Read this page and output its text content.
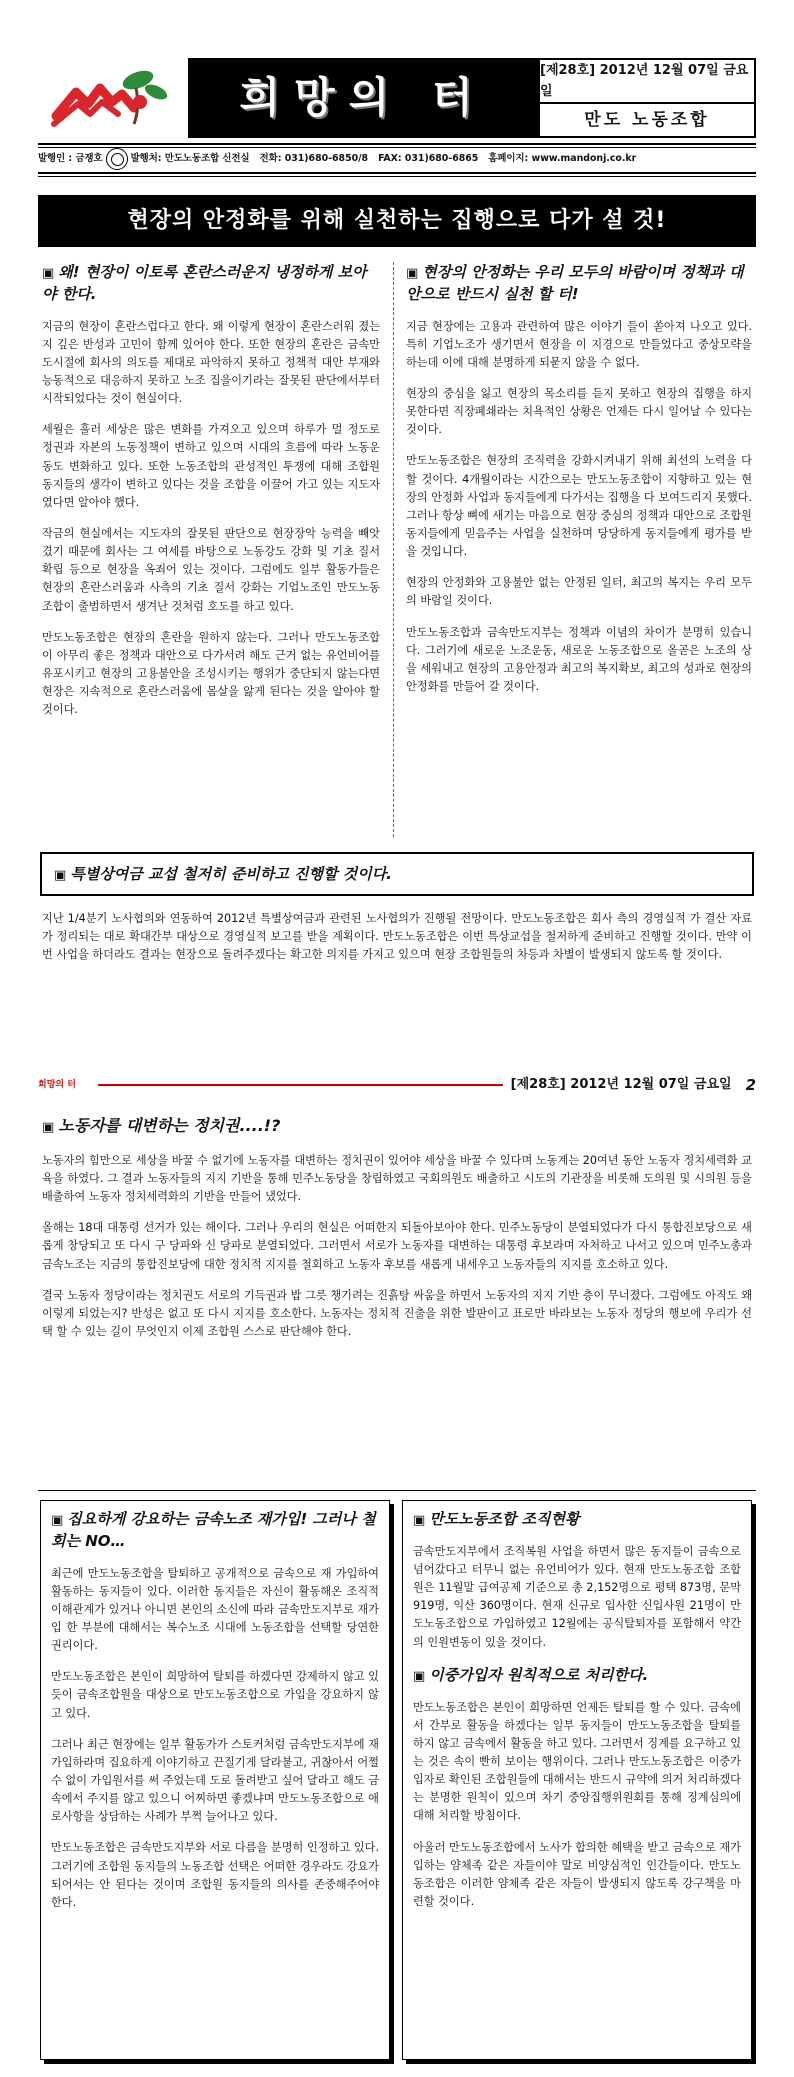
희망의 터
[제28호] 2012년 12월 07일 금요일
만도 노동조합
발행인 : 금쟁호	발행처: 만도노동조합 신전실 전화: 031)680-6850/8 FAX: 031)680-6865 홈페이지: www.mandonj.co.kr
현장의 안정화를 위해 실천하는 집행으로 다가 설 것!
▣ 왜! 현장이 이토록 혼란스러운지 냉정하게 보아야 한다.

지금의 현장이 혼란스럽다고 한다. 왜 이렇게 현장이 혼란스러워 졌는지 깊은 반성과 고민이 함께 있어야 한다. 또한 현장의 혼란은 금속만도시절에 회사의 의도를 제대로 파악하지 못하고 정책적 대안 부재와 능동적으로 대응하지 못하고 노조 집을이기라는 잘못된 판단에서부터 시작되었다는 것이 현실이다.

세월은 흘러 세상은 많은 변화를 가져오고 있으며 하루가 멀 정도로 정권과 자본의 노동정책이 변하고 있으며 시대의 흐름에 따라 노동운동도 변화하고 있다. 또한 노동조합의 관성적인 투쟁에 대해 조합원 동지들의 생각이 변하고 있다는 것을 조합을 이끌어 가고 있는 지도자였다면 알아야 했다.

작금의 현실에서는 지도자의 잘못된 판단으로 현장장악 능력을 빼앗겼기 때문에 회사는 그 여세를 바탕으로 노동강도 강화 및 기초 질서 확립 등으로 현장을 옥죄어 있는 것이다. 그럼에도 일부 활동가들은 현장의 혼란스러움과 사측의 기초 질서 강화는 기업노조인 만도노동조합이 출범하면서 생겨난 것처럼 호도를 하고 있다.

만도노동조합은 현장의 혼란을 원하지 않는다. 그러나 만도노동조합이 아무리 좋은 정책과 대안으로 다가서려 해도 근거 없는 유언비어를 유포시키고 현장의 고용불안을 조성시키는 행위가 중단되지 않는다면 현장은 지속적으로 혼란스러움에 몸살을 앓게 된다는 것을 알아야 할 것이다.

▣ 현장의 안정화는 우리 모두의 바람이며 정책과 대안으로 반드시 실천 할 터!

지금 현장에는 고용과 관련하여 많은 이야기 들이 쏟아져 나오고 있다. 특히 기업노조가 생기면서 현장을 이 지경으로 만들었다고 중상모략을 하는데 이에 대해 분명하게 되묻지 않을 수 없다.

현장의 중심을 잃고 현장의 목소리를 듣지 못하고 현장의 집행을 하지 못한다면 직장폐쇄라는 치욕적인 상황은 언제든 다시 일어날 수 있다는 것이다.

만도노동조합은 현장의 조직력을 강화시켜내기 위해 최선의 노력을 다 할 것이다. 4개월이라는 시간으로는 만도노동조합이 지향하고 있는 현장의 안정화 사업과 동지들에게 다가서는 집행을 다 보여드리지 못했다. 그러나 항상 뼈에 새기는 마음으로 현장 중심의 정책과 대안으로 조합원 동지들에게 믿음주는 사업을 실천하며 당당하게 동지들에게 평가를 받을 것입니다.

현장의 안정화와 고용불안 없는 안정된 일터, 최고의 복지는 우리 모두의 바람일 것이다.

만도노동조합과 금속만도지부는 정책과 이념의 차이가 분명히 있습니다. 그러기에 새로운 노조운동, 새로운 노동조합으로 올곧은 노조의 상을 세워내고 현장의 고용안정과 최고의 복지확보, 최고의 성과로 현장의 안정화를 만들어 갈 것이다.

▣ 특별상여금 교섭 철저히 준비하고 진행할 것이다.

지난 1/4분기 노사협의와 연동하여 2012년 특별상여금과 관련된 노사협의가 진행될 전망이다. 만도노동조합은 회사 측의 경영실적 가 결산 자료가 정리되는 대로 확대간부 대상으로 경영실적 보고를 받을 계획이다. 만도노동조합은 이번 특상교섭을 철저하게 준비하고 진행할 것이다. 만약 이번 사업을 하더라도 결과는 현장으로 돌려주겠다는 확고한 의지를 가지고 있으며 현장 조합원들의 차등과 차별이 발생되지 않도록 할 것이다.

희망의 터	[제28호] 2012년 12월 07일 금요일 2
▣ 노동자를 대변하는 정치권....!?

노동자의 힘만으로 세상을 바꿀 수 없기에 노동자를 대변하는 정치권이 있어야 세상을 바꿀 수 있다며 노동계는 20여년 동안 노동자 정치세력화 교육을 하였다. 그 결과 노동자들의 지지 기반을 통해 민주노동당을 창립하였고 국회의원도 배출하고 시도의 기관장을 비롯해 도의원 및 시의원 등을 배출하여 노동자 정치세력화의 기반을 만들어 냈었다.

올해는 18대 대통령 선거가 있는 해이다. 그러나 우리의 현실은 어떠한지 되돌아보아야 한다. 민주노동당이 분열되었다가 다시 통합진보당으로 새롭게 창당되고 또 다시 구 당파와 신 당파로 분열되었다. 그러면서 서로가 노동자를 대변하는 대통령 후보라며 자처하고 나서고 있으며 민주노총과 금속노조는 지금의 통합진보당에 대한 정치적 지지를 철회하고 노동자 후보를 새롭게 내세우고 노동자들의 지지를 호소하고 있다.

결국 노동자 정당이라는 정치권도 서로의 기득권과 밥 그릇 챙기려는 진흙탕 싸움을 하면서 노동자의 지지 기반 층이 무너졌다. 그럼에도 아직도 왜 이렇게 되었는지? 반성은 없고 또 다시 지지를 호소한다. 노동자는 정치적 진출을 위한 발판이고 표로만 바라보는 노동자 정당의 행보에 우리가 선택 할 수 있는 길이 무엇인지 이제 조합원 스스로 판단해야 한다.

▣ 집요하게 강요하는 금속노조 재가입! 그러나 철회는 NO…

최근에 만도노동조합을 탈퇴하고 공개적으로 금속으로 재 가입하여 활동하는 동지들이 있다. 이러한 동지들은 자신이 활동해온 조직적 이해관계가 있거나 아니면 본인의 소신에 따라 금속만도지부로 재가입 한 부분에 대해서는 복수노조 시대에 노동조합을 선택할 당연한 권리이다.

만도노동조합은 본인이 희망하여 탈퇴를 하겠다면 강제하지 않고 있듯이 금속조합원을 대상으로 만도노동조합으로 가입을 강요하지 않고 있다.

그러나 최근 현장에는 일부 활동가가 스토커처럼 금속만도지부에 재 가입하라며 집요하게 이야기하고 끈질기게 달라붙고, 귀찮아서 어쩔 수 없이 가입원서를 써 주었는데 도로 돌려받고 싶어 달라고 해도 금속에서 주지를 않고 있으니 어찌하면 좋겠냐며 만도노동조합으로 애로사항을 상담하는 사례가 부쩍 늘어나고 있다.

만도노동조합은 금속만도지부와 서로 다름을 분명히 인정하고 있다. 그러기에 조합원 동지들의 노동조합 선택은 어떠한 경우라도 강요가 되어서는 안 된다는 것이며 조합원 동지들의 의사를 존중해주어야 한다.

▣ 만도노동조합 조직현황

금속만도지부에서 조직복원 사업을 하면서 많은 동지들이 금속으로 넘어갔다고 터무니 없는 유언비어가 있다. 현재 만도노동조합 조합원은 11월말 급여공제 기준으로 총 2,152명으로 평택 873명, 문막 919명, 익산 360명이다. 현재 신규로 입사한 신입사원 21명이 만도노동조합으로 가입하였고 12월에는 공식탈퇴자를 포함해서 약간의 인원변동이 있을 것이다.

▣ 이중가입자 원칙적으로 처리한다.

만도노동조합은 본인이 희망하면 언제든 탈퇴를 할 수 있다. 금속에서 간부로 활동을 하겠다는 일부 동지들이 만도노동조합을 탈퇴를 하지 않고 금속에서 활동을 하고 있다. 그러면서 징계를 요구하고 있는 것은 속이 빤히 보이는 행위이다. 그러나 만도노동조합은 이중가입자로 확인된 조합원들에 대해서는 반드시 규약에 의거 처리하겠다는 분명한 원칙이 있으며 차기 중앙집행위원회를 통해 징계심의에 대해 처리할 방침이다.

아울러 만도노동조합에서 노사가 합의한 혜택을 받고 금속으로 재가입하는 얌체족 같은 자들이야 말로 비양심적인 인간들이다. 만도노동조합은 이러한 얌체족 같은 자들이 발생되지 않도록 강구책을 마련할 것이다.
